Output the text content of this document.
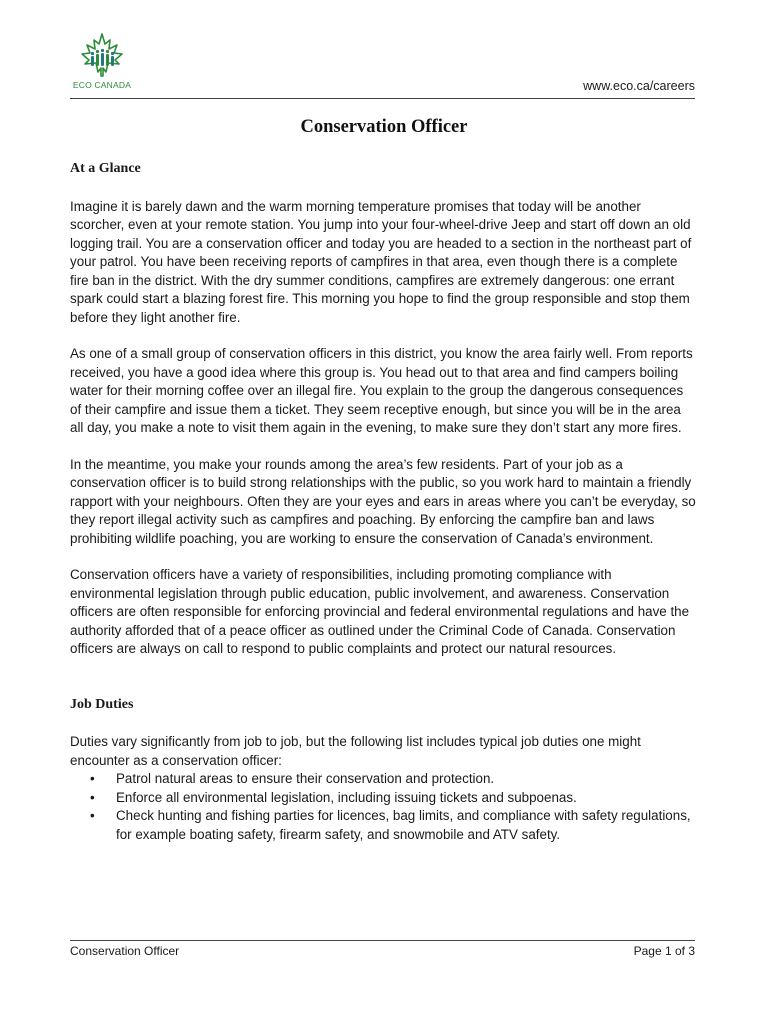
ECO CANADA	www.eco.ca/careers
Conservation Officer
At a Glance

Imagine it is barely dawn and the warm morning temperature promises that today will be another scorcher, even at your remote station. You jump into your four-wheel-drive Jeep and start off down an old logging trail. You are a conservation officer and today you are headed to a section in the northeast part of your patrol. You have been receiving reports of campfires in that area, even though there is a complete fire ban in the district. With the dry summer conditions, campfires are extremely dangerous: one errant spark could start a blazing forest fire. This morning you hope to find the group responsible and stop them before they light another fire.

As one of a small group of conservation officers in this district, you know the area fairly well. From reports received, you have a good idea where this group is. You head out to that area and find campers boiling water for their morning coffee over an illegal fire. You explain to the group the dangerous consequences of their campfire and issue them a ticket. They seem receptive enough, but since you will be in the area all day, you make a note to visit them again in the evening, to make sure they don’t start any more fires.

In the meantime, you make your rounds among the area’s few residents. Part of your job as a conservation officer is to build strong relationships with the public, so you work hard to maintain a friendly rapport with your neighbours. Often they are your eyes and ears in areas where you can’t be everyday, so they report illegal activity such as campfires and poaching. By enforcing the campfire ban and laws prohibiting wildlife poaching, you are working to ensure the conservation of Canada’s environment.

Conservation officers have a variety of responsibilities, including promoting compliance with environmental legislation through public education, public involvement, and awareness. Conservation officers are often responsible for enforcing provincial and federal environmental regulations and have the authority afforded that of a peace officer as outlined under the Criminal Code of Canada. Conservation officers are always on call to respond to public complaints and protect our natural resources.

Job Duties

Duties vary significantly from job to job, but the following list includes typical job duties one might encounter as a conservation officer:

• Patrol natural areas to ensure their conservation and protection.
• Enforce all environmental legislation, including issuing tickets and subpoenas.
• Check hunting and fishing parties for licences, bag limits, and compliance with safety regulations, for example boating safety, firearm safety, and snowmobile and ATV safety.
Conservation Officer	Page 1 of 3
